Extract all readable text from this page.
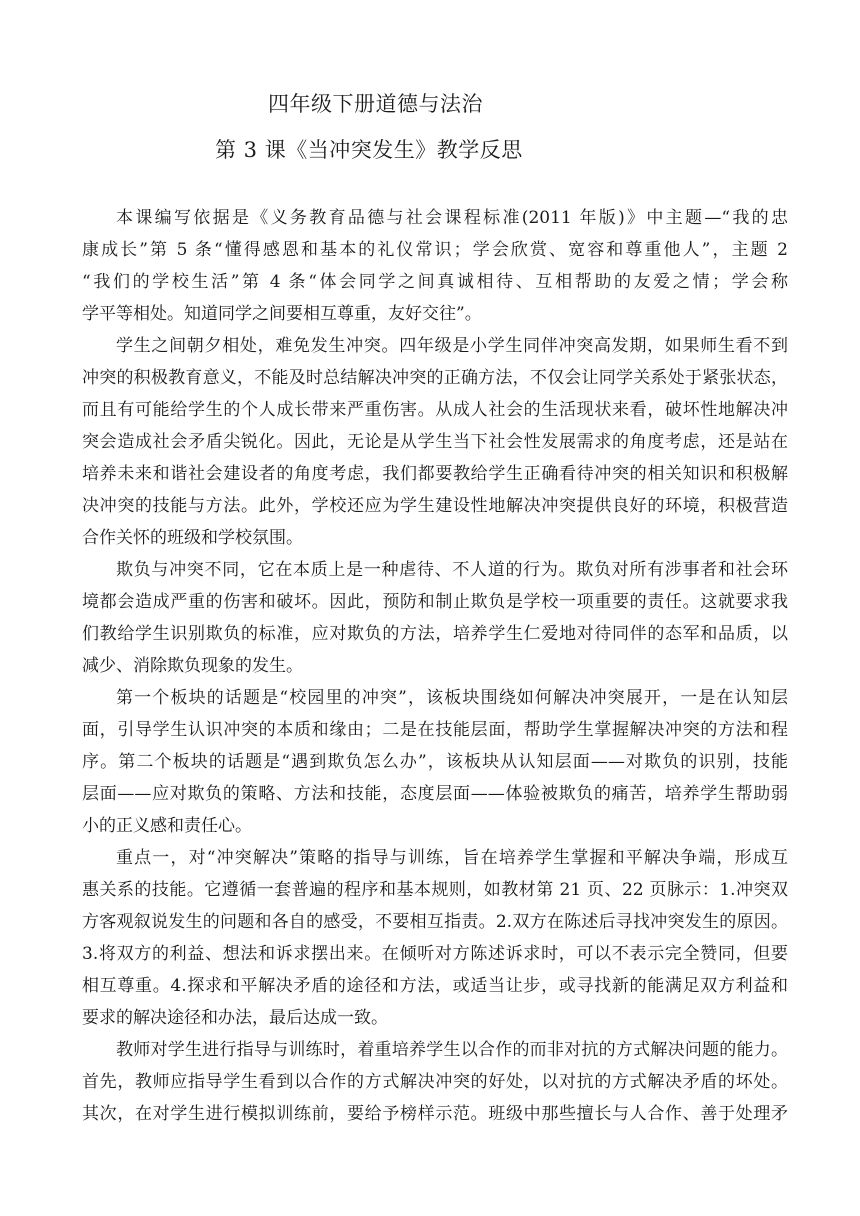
四年级下册道德与法治
第 3 课《当冲突发生》教学反思

本课编写依据是《义务教育品德与社会课程标准(2011 年版)》中主题—“我的忠
康成长”第 5 条“懂得感恩和基本的礼仪常识；学会欣赏、宽容和尊重他人”，主题 2
“我们的学校生活”第 4 条“体会同学之间真诚相待、互相帮助的友爱之情；学会称
学平等相处。知道同学之间要相互尊重，友好交往”。

学生之间朝夕相处，难免发生冲突。四年级是小学生同伴冲突高发期，如果师生看不到
冲突的积极教育意义，不能及时总结解决冲突的正确方法，不仅会让同学关系处于紧张状态，
而且有可能给学生的个人成长带来严重伤害。从成人社会的生活现状来看，破坏性地解决冲
突会造成社会矛盾尖锐化。因此，无论是从学生当下社会性发展需求的角度考虑，还是站在
培养未来和谐社会建设者的角度考虑，我们都要教给学生正确看待冲突的相关知识和积极解
决冲突的技能与方法。此外，学校还应为学生建设性地解决冲突提供良好的环境，积极营造
合作关怀的班级和学校氛围。

欺负与冲突不同，它在本质上是一种虐待、不人道的行为。欺负对所有涉事者和社会环
境都会造成严重的伤害和破坏。因此，预防和制止欺负是学校一项重要的责任。这就要求我
们教给学生识别欺负的标准，应对欺负的方法，培养学生仁爱地对待同伴的态军和品质，以
减少、消除欺负现象的发生。

第一个板块的话题是“校园里的冲突”，该板块围绕如何解决冲突展开，一是在认知层
面，引导学生认识冲突的本质和缘由；二是在技能层面，帮助学生掌握解决冲突的方法和程
序。第二个板块的话题是“遇到欺负怎么办”，该板块从认知层面——对欺负的识别，技能
层面——应对欺负的策略、方法和技能，态度层面——体验被欺负的痛苦，培养学生帮助弱
小的正义感和责任心。

重点一，对“冲突解决”策略的指导与训练，旨在培养学生掌握和平解决争端，形成互
惠关系的技能。它遵循一套普遍的程序和基本规则，如教材第 21 页、22 页脉示：1.冲突双
方客观叙说发生的问题和各自的感受，不要相互指责。2.双方在陈述后寻找冲突发生的原因。
3.将双方的利益、想法和诉求摆出来。在倾听对方陈述诉求时，可以不表示完全赞同，但要
相互尊重。4.探求和平解决矛盾的途径和方法，或适当让步，或寻找新的能满足双方利益和
要求的解决途径和办法，最后达成一致。

教师对学生进行指导与训练时，着重培养学生以合作的而非对抗的方式解决问题的能力。
首先，教师应指导学生看到以合作的方式解决冲突的好处，以对抗的方式解决矛盾的坏处。
其次，在对学生进行模拟训练前，要给予榜样示范。班级中那些擅长与人合作、善于处理矛
